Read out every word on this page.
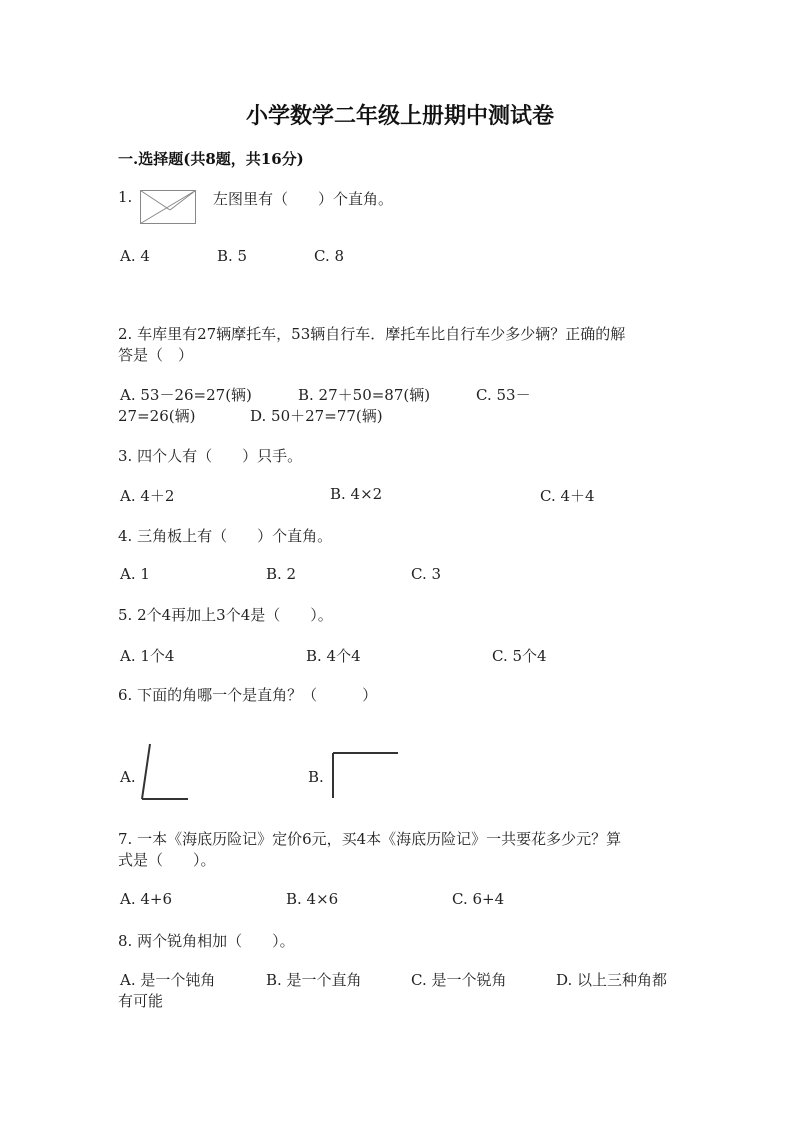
小学数学二年级上册期中测试卷
一.选择题(共8题，共16分)
1.	左图里有（　　）个直角。
A. 4	B. 5	C. 8
2. 车库里有27辆摩托车，53辆自行车．摩托车比自行车少多少辆？正确的解
答是（　）
A. 53－26=27(辆)	B. 27＋50=87(辆)	C. 53－
27=26(辆)	D. 50＋27=77(辆)
3. 四个人有（　　）只手。
A. 4＋2	B. 4×2	C. 4＋4
4. 三角板上有（　　）个直角。
A. 1	B. 2	C. 3
5. 2个4再加上3个4是（　　）。
A. 1个4	B. 4个4	C. 5个4
6. 下面的角哪一个是直角？（　　　）
A.	B.
7. 一本《海底历险记》定价6元，买4本《海底历险记》一共要花多少元？算
式是（　　）。
A. 4+6	B. 4×6	C. 6+4
8. 两个锐角相加（　　）。
A. 是一个钝角	B. 是一个直角	C. 是一个锐角	D. 以上三种角都
有可能
